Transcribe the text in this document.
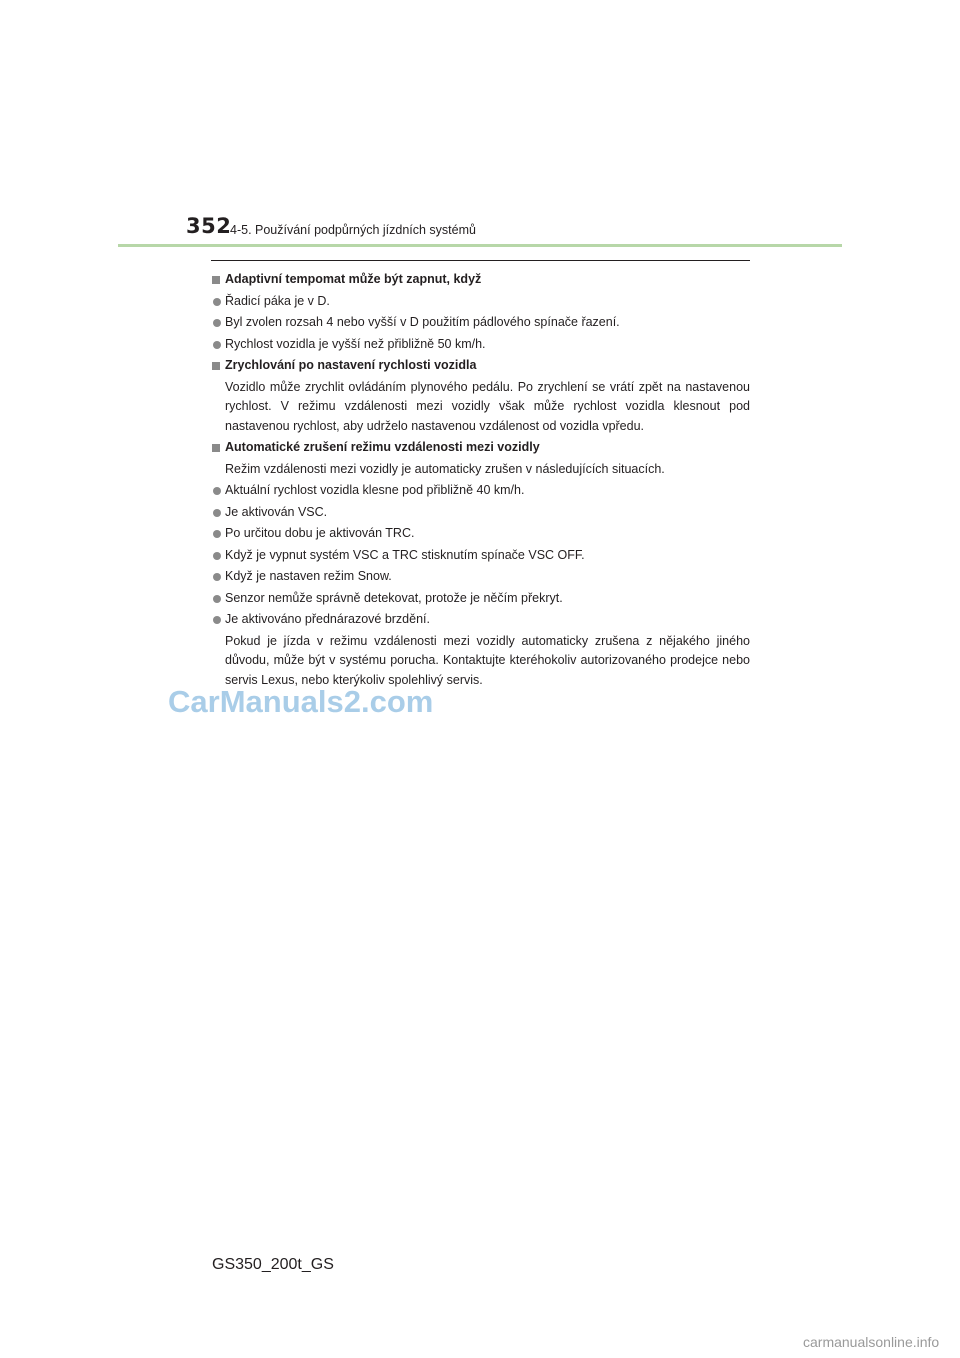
352
4-5. Používání podpůrných jízdních systémů
Adaptivní tempomat může být zapnut, když
Řadicí páka je v D.
Byl zvolen rozsah 4 nebo vyšší v D použitím pádlového spínače řazení.
Rychlost vozidla je vyšší než přibližně 50 km/h.
Zrychlování po nastavení rychlosti vozidla
Vozidlo může zrychlit ovládáním plynového pedálu. Po zrychlení se vrátí zpět na nastavenou rychlost. V režimu vzdálenosti mezi vozidly však může rychlost vozidla klesnout pod nastavenou rychlost, aby udrželo nastavenou vzdálenost od vozidla vpředu.
Automatické zrušení režimu vzdálenosti mezi vozidly
Režim vzdálenosti mezi vozidly je automaticky zrušen v následujících situacích.
Aktuální rychlost vozidla klesne pod přibližně 40 km/h.
Je aktivován VSC.
Po určitou dobu je aktivován TRC.
Když je vypnut systém VSC a TRC stisknutím spínače VSC OFF.
Když je nastaven režim Snow.
Senzor nemůže správně detekovat, protože je něčím překryt.
Je aktivováno přednárazové brzdění.
Pokud je jízda v režimu vzdálenosti mezi vozidly automaticky zrušena z nějakého jiného důvodu, může být v systému porucha. Kontaktujte kteréhokoliv autorizovaného prodejce nebo servis Lexus, nebo kterýkoliv spolehlivý servis.
CarManuals2.com
GS350_200t_GS
carmanualsonline.info
